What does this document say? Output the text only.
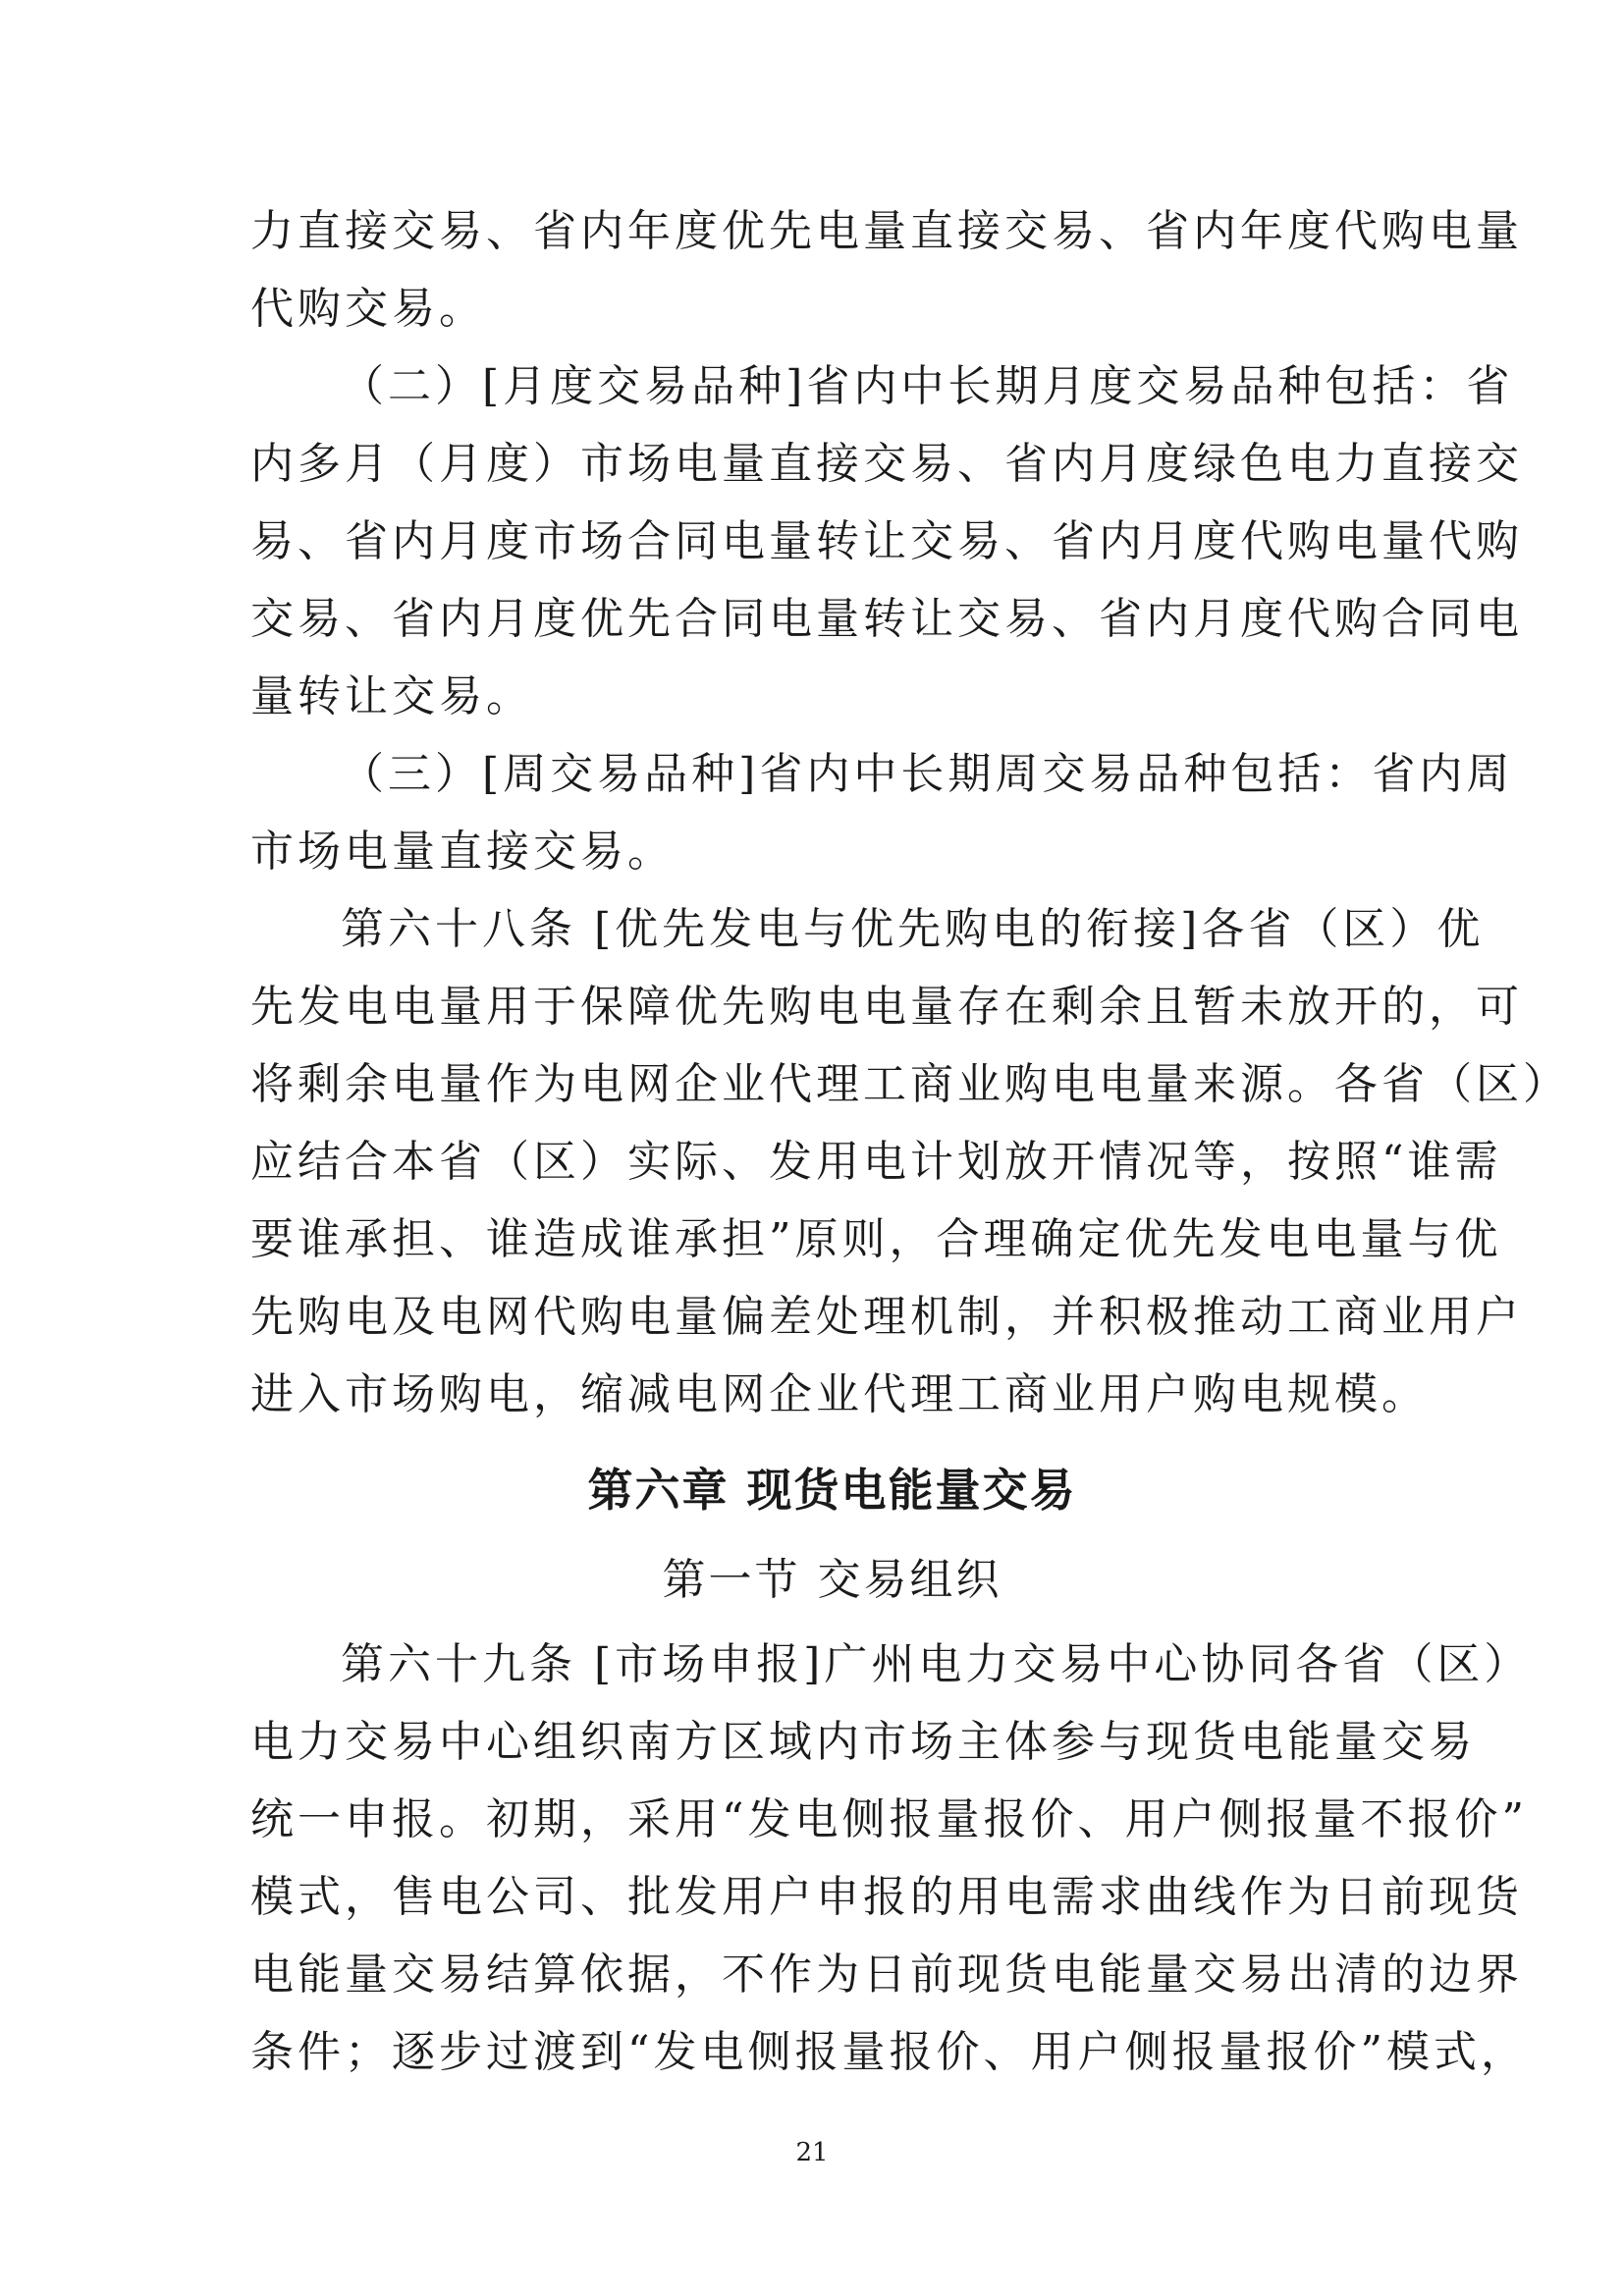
力直接交易、省内年度优先电量直接交易、省内年度代购电量
代购交易。
（二）[月度交易品种]省内中长期月度交易品种包括：省
内多月（月度）市场电量直接交易、省内月度绿色电力直接交
易、省内月度市场合同电量转让交易、省内月度代购电量代购
交易、省内月度优先合同电量转让交易、省内月度代购合同电
量转让交易。
（三）[周交易品种]省内中长期周交易品种包括：省内周
市场电量直接交易。
第六十八条 [优先发电与优先购电的衔接]各省（区）优
先发电电量用于保障优先购电电量存在剩余且暂未放开的，可
将剩余电量作为电网企业代理工商业购电电量来源。各省（区）
应结合本省（区）实际、发用电计划放开情况等，按照“谁需
要谁承担、谁造成谁承担”原则，合理确定优先发电电量与优
先购电及电网代购电量偏差处理机制，并积极推动工商业用户
进入市场购电，缩减电网企业代理工商业用户购电规模。
第六章 现货电能量交易
第一节 交易组织
第六十九条 [市场申报]广州电力交易中心协同各省（区）
电力交易中心组织南方区域内市场主体参与现货电能量交易
统一申报。初期，采用“发电侧报量报价、用户侧报量不报价”
模式，售电公司、批发用户申报的用电需求曲线作为日前现货
电能量交易结算依据，不作为日前现货电能量交易出清的边界
条件；逐步过渡到“发电侧报量报价、用户侧报量报价”模式，
21
